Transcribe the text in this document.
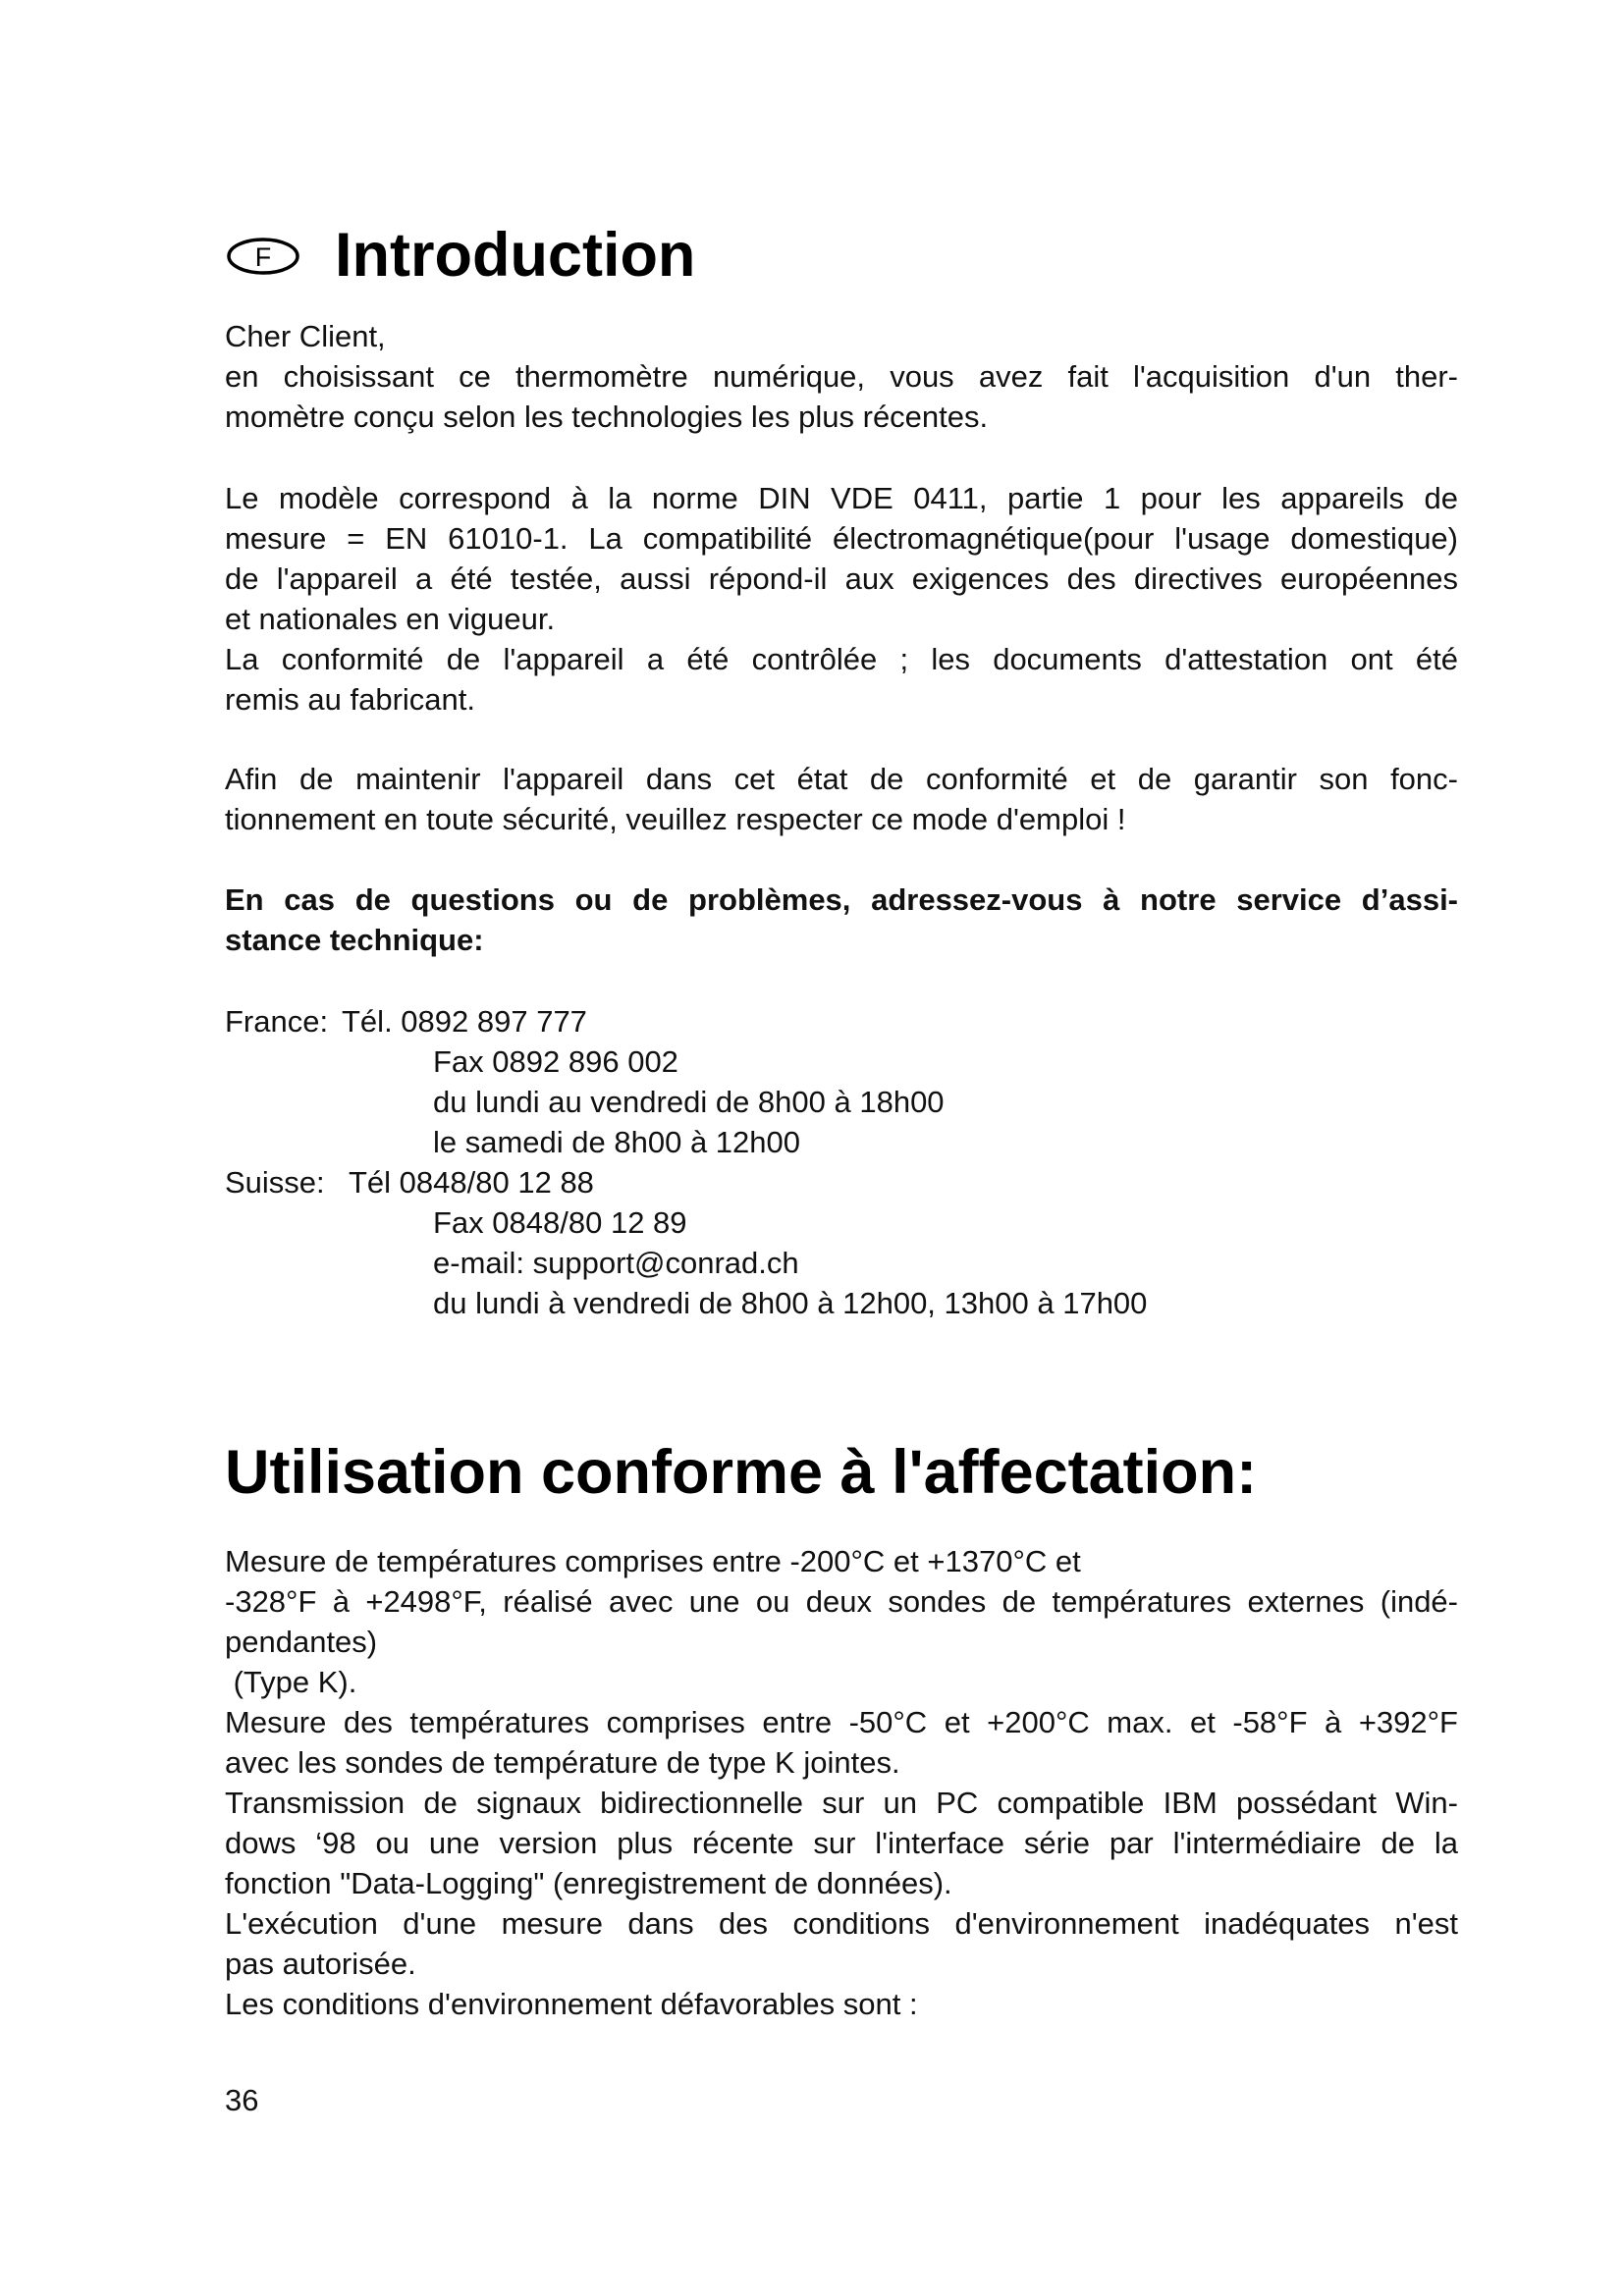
F Introduction

Cher Client,

en choisissant ce thermomètre numérique, vous avez fait l'acquisition d'un ther-

momètre conçu selon les technologies les plus récentes.

Le modèle correspond à la norme DIN VDE 0411, partie 1 pour les appareils de

mesure = EN 61010-1. La compatibilité électromagnétique(pour l'usage domestique)

de l'appareil a été testée, aussi répond-il aux exigences des directives européennes

et nationales en vigueur.

La conformité de l'appareil a été contrôlée ; les documents d'attestation ont été

remis au fabricant.

Afin de maintenir l'appareil dans cet état de conformité et de garantir son fonc-

tionnement en toute sécurité, veuillez respecter ce mode d'emploi !

En cas de questions ou de problèmes, adressez-vous à notre service d’assi-

stance technique:

France: Tél. 0892 897 777
Fax 0892 896 002
du lundi au vendredi de 8h00 à 18h00
le samedi de 8h00 à 12h00
Suisse: Tél 0848/80 12 88
Fax 0848/80 12 89
e-mail: support@conrad.ch
du lundi à vendredi de 8h00 à 12h00, 13h00 à 17h00
Utilisation conforme à l'affectation:

Mesure de températures comprises entre -200°C et +1370°C et

-328°F à +2498°F, réalisé avec une ou deux sondes de températures externes (indé-

pendantes)

(Type K).

Mesure des températures comprises entre -50°C et +200°C max. et -58°F à +392°F

avec les sondes de température de type K jointes.

Transmission de signaux bidirectionnelle sur un PC compatible IBM possédant Win-

dows ‘98 ou une version plus récente sur l'interface série par l'intermédiaire de la

fonction "Data-Logging" (enregistrement de données).

L'exécution d'une mesure dans des conditions d'environnement inadéquates n'est

pas autorisée.

Les conditions d'environnement défavorables sont :

36
